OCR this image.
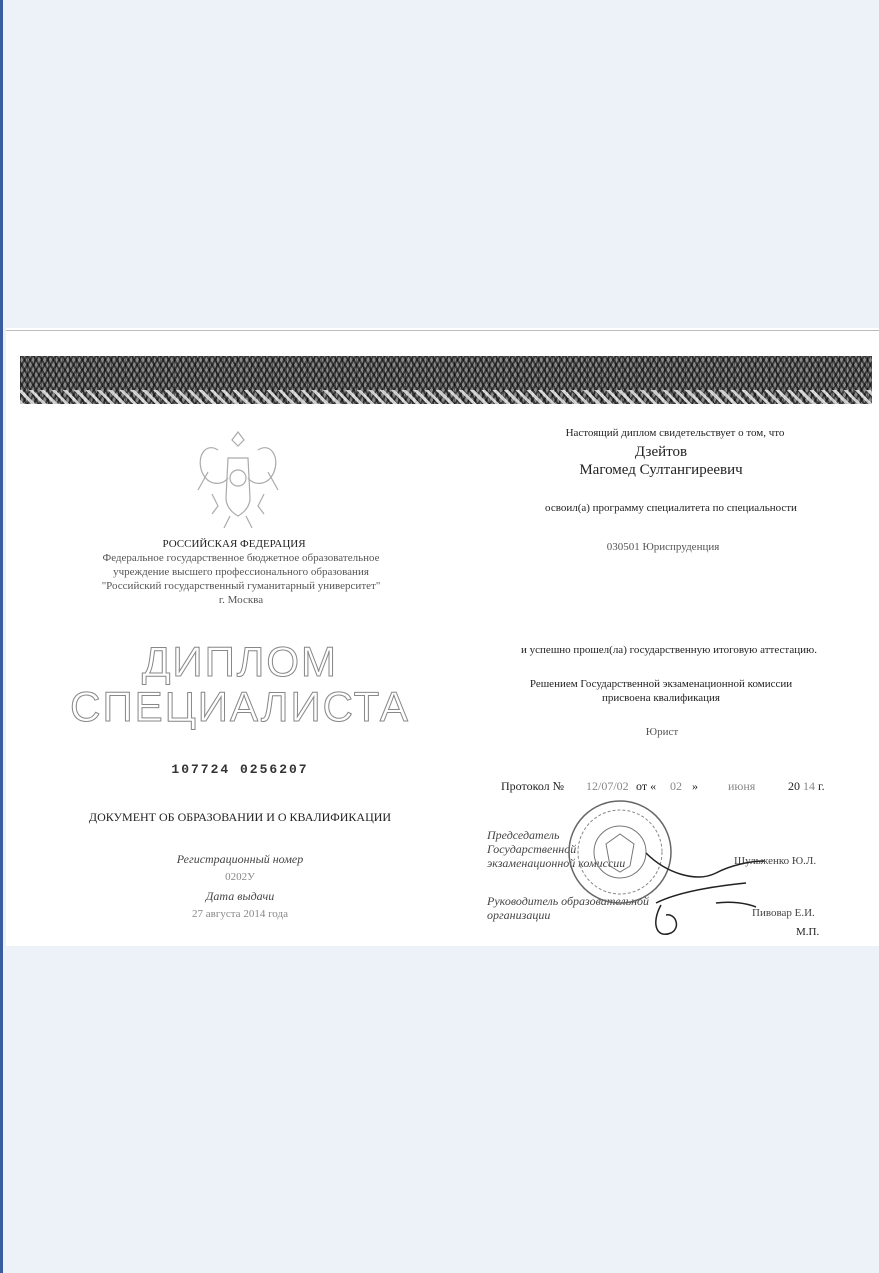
РОССИЙСКАЯ ФЕДЕРАЦИЯ
Федеральное государственное бюджетное образовательное
учреждение высшего профессионального образования
"Российский государственный гуманитарный университет"
г. Москва
ДИПЛОМ
СПЕЦИАЛИСТА
107724 0256207
ДОКУМЕНТ ОБ ОБРАЗОВАНИИ И О КВАЛИФИКАЦИИ
Регистрационный номер
0202У
Дата выдачи
27 августа 2014 года
Настоящий диплом свидетельствует о том, что
Дзейтов
Магомед Султангиреевич
освоил(а) программу специалитета по специальности
030501 Юриспруденция
и успешно прошел(ла) государственную итоговую аттестацию.
Решением Государственной экзаменационной комиссии
присвоена квалификация
Юрист
Протокол № 12/07/02 от « 02 »	июня	20 14 г.
Председатель
Государственной
экзаменационной комиссии	Шульженко Ю.Л.
Руководитель образовательной
организации	Пивовар Е.И.
М.П.
